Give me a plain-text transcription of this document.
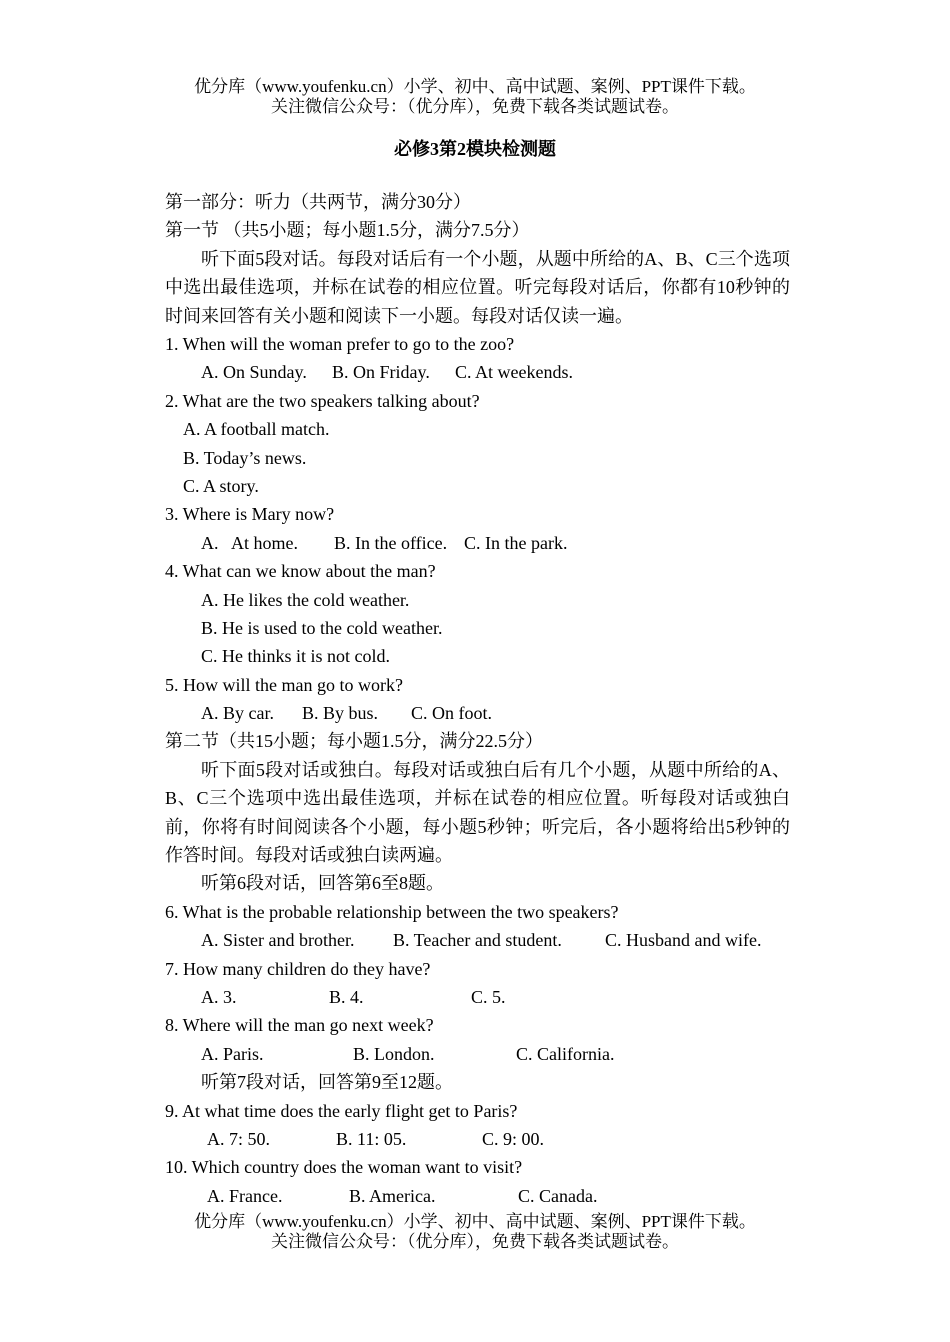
优分库（www.youfenku.cn）小学、初中、高中试题、案例、PPT课件下载。
关注微信公众号：（优分库），免费下载各类试题试卷。
必修3第2模块检测题
第一部分：听力（共两节，满分30分）
第一节 （共5小题；每小题1.5分，满分7.5分）
听下面5段对话。每段对话后有一个小题，从题中所给的A、B、C三个选项中选出最佳选项，并标在试卷的相应位置。听完每段对话后，你都有10秒钟的时间来回答有关小题和阅读下一小题。每段对话仅读一遍。
1. When will the woman prefer to go to the zoo?
A. On Sunday. B. On Friday. C. At weekends.
2. What are the two speakers talking about?
A. A football match.
B. Today’s news.
C. A story.
3. Where is Mary now?
A.   At home. B. In the office. C. In the park.
4. What can we know about the man?
A. He likes the cold weather.
B. He is used to the cold weather.
C. He thinks it is not cold.
5. How will the man go to work?
A. By car. B. By bus. C. On foot.
第二节（共15小题；每小题1.5分，满分22.5分）
听下面5段对话或独白。每段对话或独白后有几个小题，从题中所给的A、B、C三个选项中选出最佳选项，并标在试卷的相应位置。听每段对话或独白前，你将有时间阅读各个小题，每小题5秒钟；听完后，各小题将给出5秒钟的作答时间。每段对话或独白读两遍。
听第6段对话，回答第6至8题。
6. What is the probable relationship between the two speakers?
A. Sister and brother. B. Teacher and student. C. Husband and wife.
7. How many children do they have?
A. 3.	B. 4.	C. 5.
8. Where will the man go next week?
A. Paris.	B. London.	C. California.
听第7段对话，回答第9至12题。
9. At what time does the early flight get to Paris?
A. 7: 50.	B. 11: 05.	C. 9: 00.
10. Which country does the woman want to visit?
A. France.	B. America.	C. Canada.
优分库（www.youfenku.cn）小学、初中、高中试题、案例、PPT课件下载。
关注微信公众号：（优分库），免费下载各类试题试卷。
